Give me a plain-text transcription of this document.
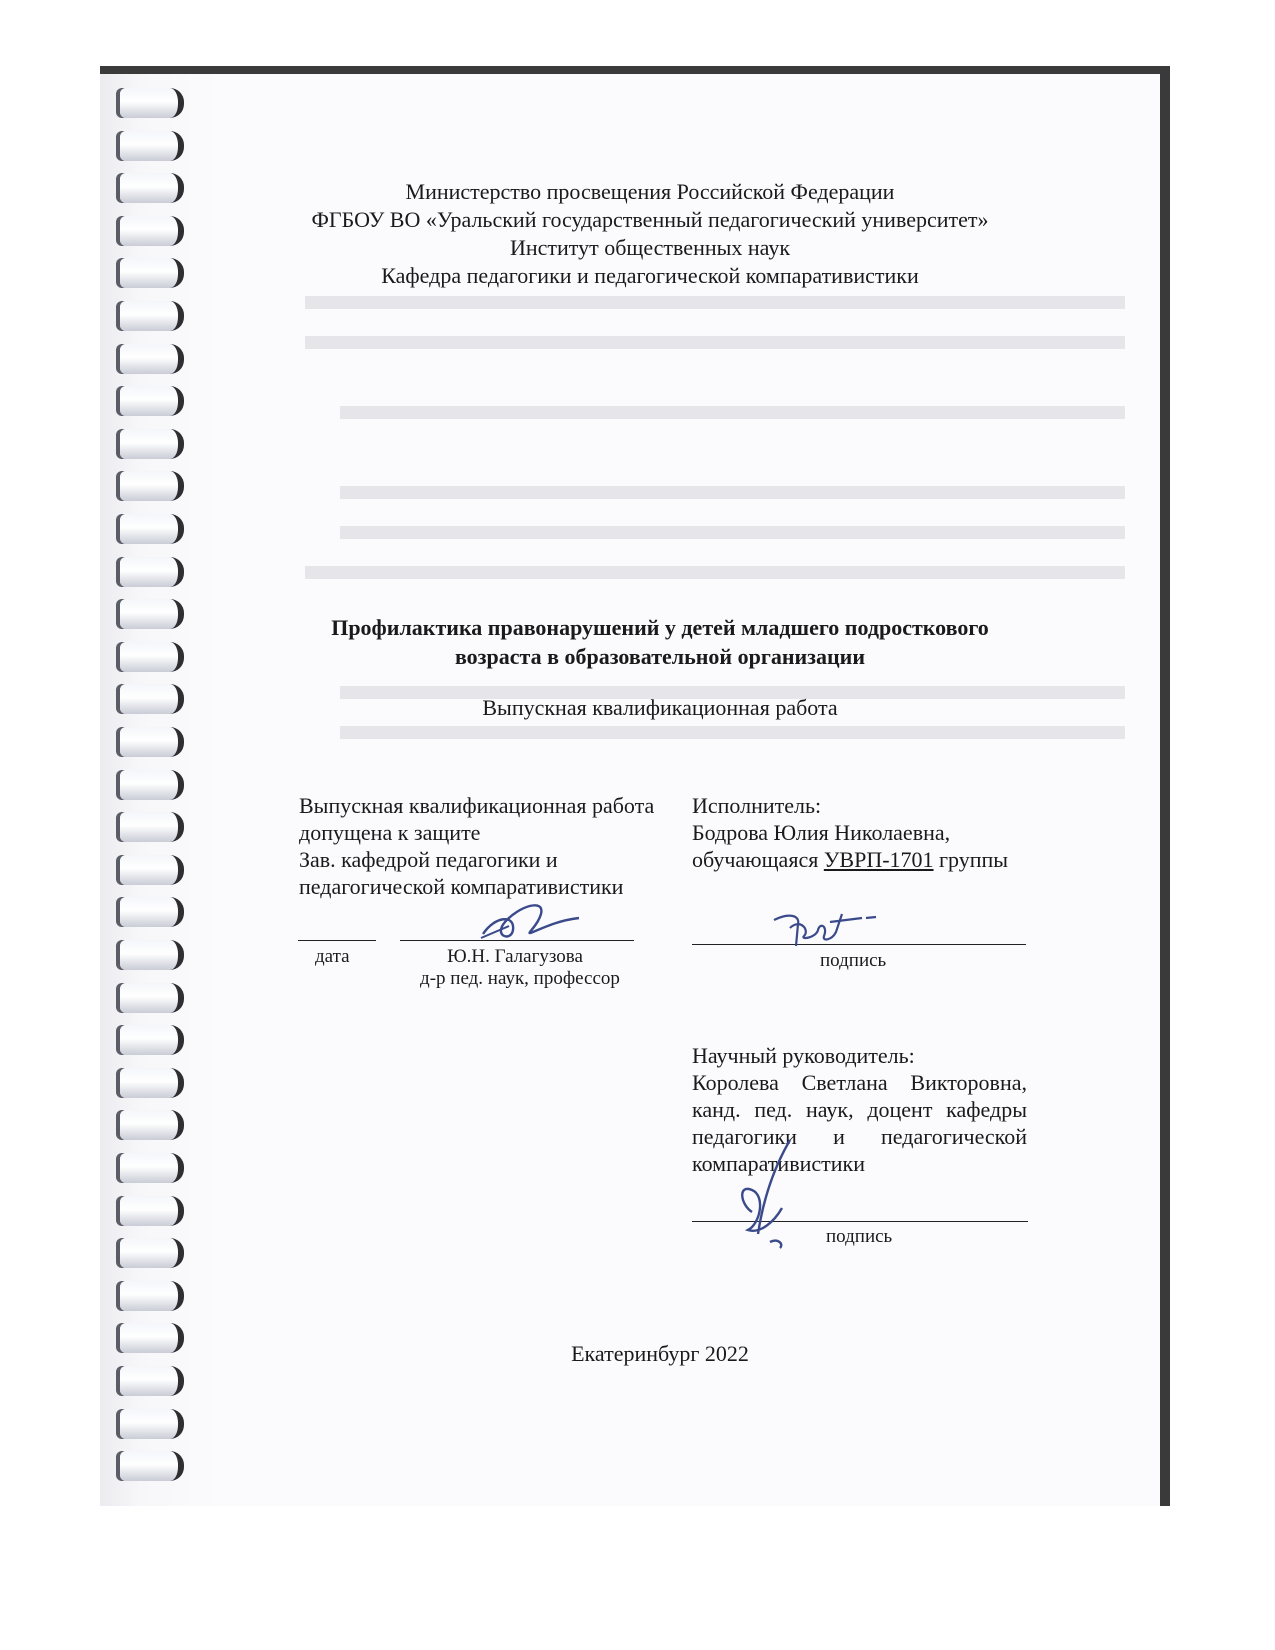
Министерство просвещения Российской Федерации
ФГБОУ ВО «Уральский государственный педагогический университет»
Институт общественных наук
Кафедра педагогики и педагогической компаративистики
Профилактика правонарушений у детей младшего подросткового
возраста в образовательной организации
Выпускная квалификационная работа
Выпускная квалификационная работа
допущена к защите
Зав. кафедрой педагогики и
педагогической компаративистики
дата	Ю.Н. Галагузова
д-р пед. наук, профессор
Исполнитель:
Бодрова Юлия Николаевна,
обучающаяся УВРП-1701 группы
подпись
Научный руководитель:
Королева Светлана Викторовна, канд. пед. наук, доцент кафедры педагогики и педагогической компаративистики
подпись
Екатеринбург 2022
